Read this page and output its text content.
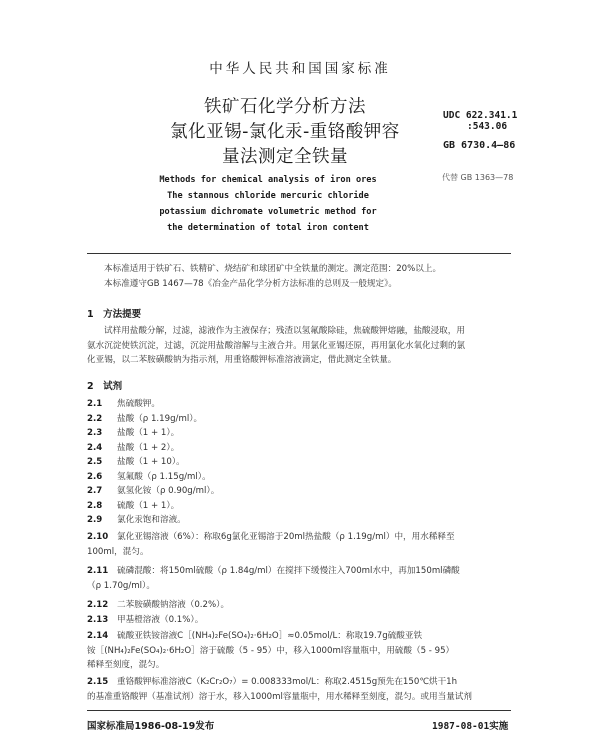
中华人民共和国国家标准
铁矿石化学分析方法
氯化亚锡-氯化汞-重铬酸钾容
量法测定全铁量
UDC 622.341.1
:543.06
GB 6730.4—86
代替 GB 1363—78
Methods for chemical analysis of iron ores
The stannous chloride mercuric chloride
potassium dichromate volumetric method for
the determination of total iron content
本标准适用于铁矿石、铁精矿、烧结矿和球团矿中全铁量的测定。测定范围：20%以上。
本标准遵守GB 1467—78《冶金产品化学分析方法标准的总则及一般规定》。
1　方法提要
试样用盐酸分解，过滤，滤液作为主液保存；残渣以氢氟酸除硅，焦硫酸钾熔融，盐酸浸取，用
氨水沉淀使铁沉淀，过滤，沉淀用盐酸溶解与主液合并。用氯化亚锡还原，再用氯化水氧化过剩的氯
化亚锡，以二苯胺磺酸钠为指示剂，用重铬酸钾标准溶液滴定，借此测定全铁量。
2　试剂
2.1 焦硫酸钾。
2.2 盐酸（ρ 1.19g/ml）。
2.3 盐酸（1 + 1）。
2.4 盐酸（1 + 2）。
2.5 盐酸（1 + 10）。
2.6 氢氟酸（ρ 1.15g/ml）。
2.7 氨氢化铵（ρ 0.90g/ml）。
2.8 硫酸（1 + 1）。
2.9 氯化汞饱和溶液。
2.10 氯化亚锡溶液（6%）：称取6g氯化亚锡溶于20ml热盐酸（ρ 1.19g/ml）中，用水稀释至
100ml，混匀。
2.11 硫磷混酸：将150ml硫酸（ρ 1.84g/ml）在搅拌下缓慢注入700ml水中，再加150ml磷酸
（ρ 1.70g/ml）。
2.12 二苯胺磺酸钠溶液（0.2%）。
2.13 甲基橙溶液（0.1%）。
2.14 硫酸亚铁铵溶液C［(NH₄)₂Fe(SO₄)₂·6H₂O］≈0.05mol/L：称取19.7g硫酸亚铁
铵［(NH₄)₂Fe(SO₄)₂·6H₂O］溶于硫酸（5 - 95）中，移入1000ml容量瓶中，用硫酸（5 - 95）
稀释至刻度，混匀。
2.15 重铬酸钾标准溶液C（K₂Cr₂O₇）= 0.008333mol/L：称取2.4515g预先在150℃烘干1h
的基准重铬酸钾（基准试剂）溶于水，移入1000ml容量瓶中，用水稀释至刻度，混匀。或用当量试剂
国家标准局1986-08-19发布	1987-08-01实施
